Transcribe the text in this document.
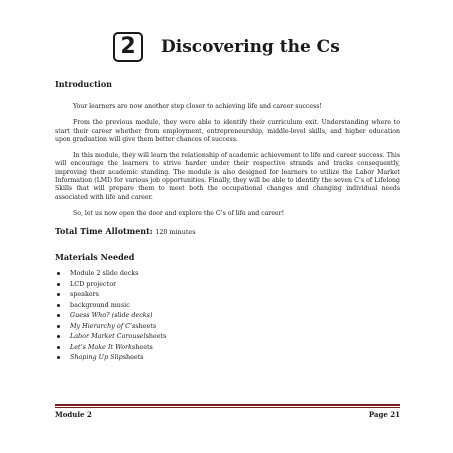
2	Discovering the Cs
Introduction

Your learners are now another step closer to achieving life and career success!

From the previous module, they were able to identify their curriculum exit. Understanding where to start their career whether from employment, entrepreneurship, middle-level skills, and higher education upon graduation will give them better chances of success.

In this module, they will learn the relationship of academic achievement to life and career success. This will encourage the learners to strive harder under their respective strands and tracks consequently, improving their academic standing. The module is also designed for learners to utilize the Labor Market Information (LMI) for various job opportunities. Finally, they will be able to identify the seven C’s of Lifelong Skills that will prepare them to meet both the occupational changes and changing individual needs associated with life and career.

So, let us now open the door and explore the C’s of life and career!

Total Time Allotment: 120 minutes
Materials Needed
Module 2 slide decks
LCD projector
speakers
background music
Guess Who? (slide decks)
My Hierarchy of C’s sheets
Labor Market Carousel sheets
Let’s Make It Work sheets
Shaping Up Slip sheets
Module 2	Page 21
